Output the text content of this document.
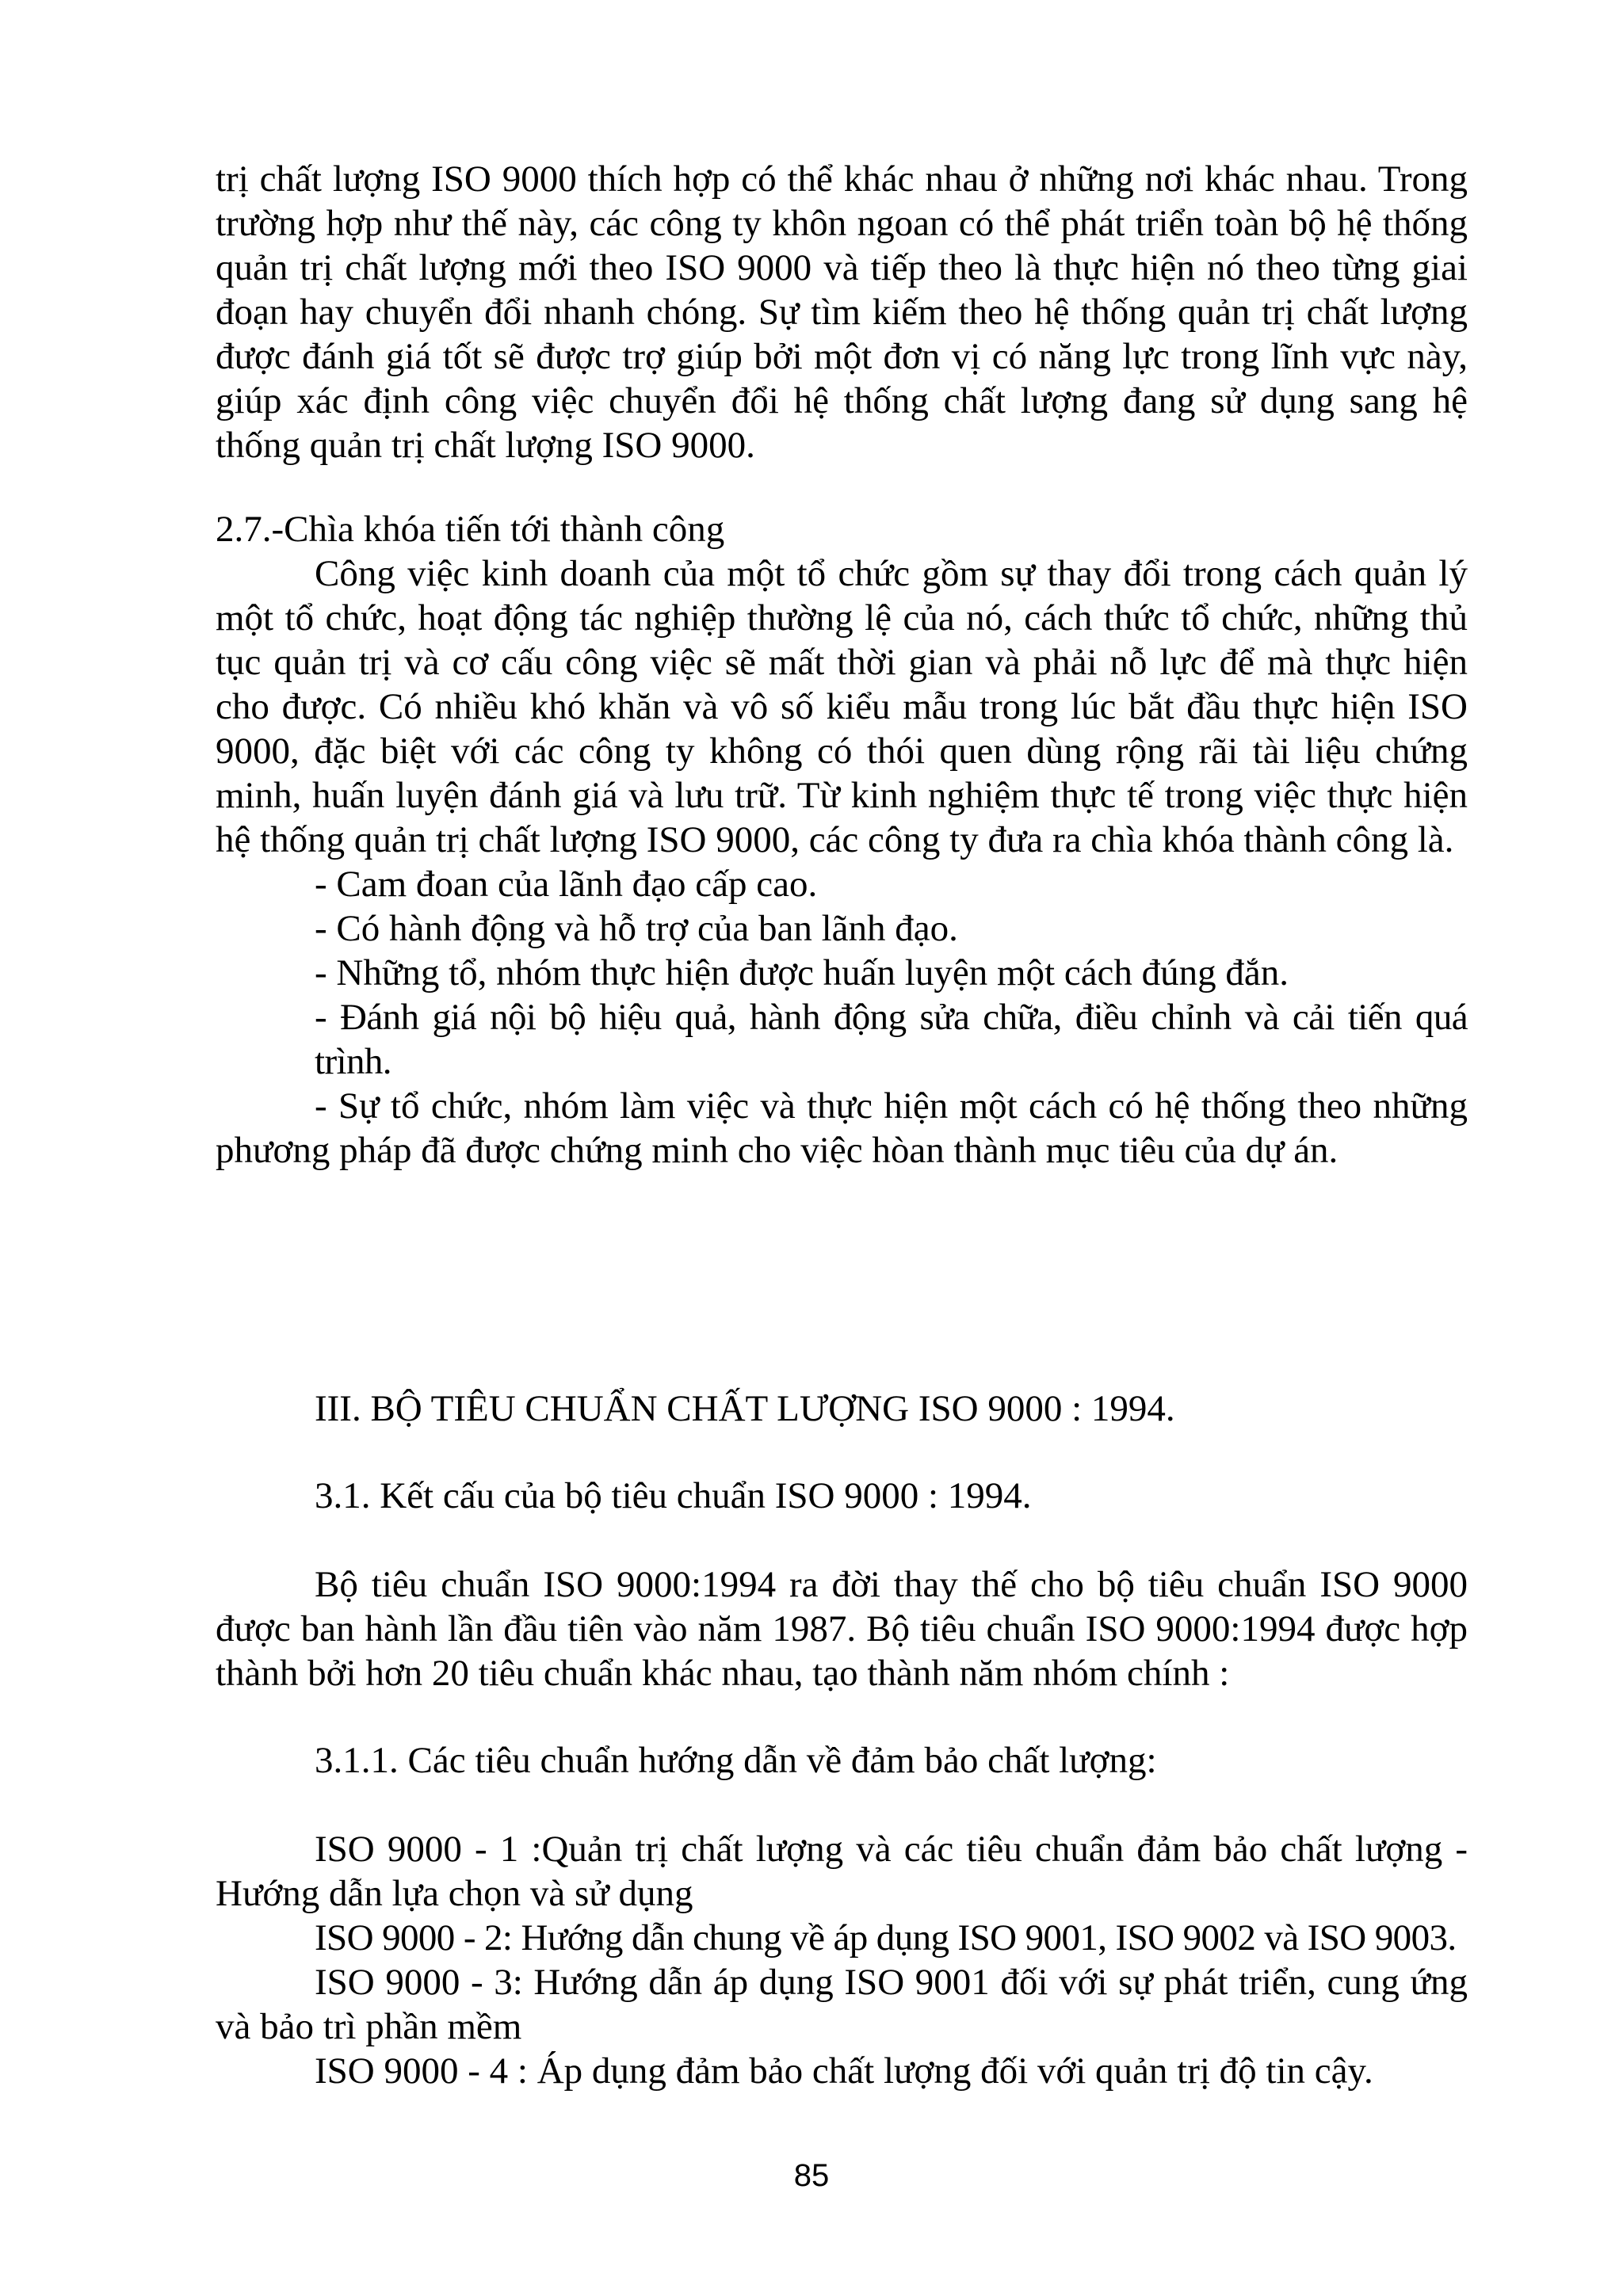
trị chất lượng ISO 9000 thích hợp có thể khác nhau ở những nơi khác nhau. Trong trường hợp như thế này, các công ty khôn ngoan có thể phát triển toàn bộ hệ thống quản trị chất lượng mới theo ISO 9000 và tiếp theo là thực hiện nó theo từng giai đoạn hay chuyển đổi nhanh chóng. Sự tìm kiếm theo hệ thống quản trị chất lượng được đánh giá tốt sẽ được trợ giúp bởi một đơn vị có năng lực trong lĩnh vực này, giúp xác định công việc chuyển đổi hệ thống chất lượng đang sử dụng sang hệ thống quản trị chất lượng ISO 9000.

2.7.-Chìa khóa tiến tới thành công

Công việc kinh doanh của một tổ chức gồm sự thay đổi trong cách quản lý một tổ chức, hoạt động tác nghiệp thường lệ của nó, cách thức tổ chức, những thủ tục quản trị và cơ cấu công việc sẽ mất thời gian và phải nỗ lực để mà thực hiện cho được. Có nhiều khó khăn và vô số kiểu mẫu trong lúc bắt đầu thực hiện ISO 9000, đặc biệt với các công ty không có thói quen dùng rộng rãi tài liệu chứng minh, huấn luyện đánh giá và lưu trữ. Từ kinh nghiệm thực tế trong việc thực hiện hệ thống quản trị chất lượng ISO 9000, các công ty đưa ra chìa khóa thành công là.

- Cam đoan của lãnh đạo cấp cao.

- Có hành động và hỗ trợ của ban lãnh đạo.

- Những tổ, nhóm thực hiện được huấn luyện một cách đúng đắn.

- Đánh giá nội bộ hiệu quả, hành động sửa chữa, điều chỉnh và cải tiến quá trình.

- Sự tổ chức, nhóm làm việc và thực hiện một cách có hệ thống theo những phương pháp đã được chứng minh cho việc hòan thành mục tiêu của dự án.

III. BỘ TIÊU CHUẨN CHẤT LƯỢNG ISO 9000 : 1994.

3.1. Kết cấu của bộ tiêu chuẩn ISO 9000 : 1994.

Bộ tiêu chuẩn ISO 9000:1994 ra đời thay thế cho bộ tiêu chuẩn ISO 9000 được ban hành lần đầu tiên vào năm 1987. Bộ tiêu chuẩn ISO 9000:1994 được hợp thành bởi hơn 20 tiêu chuẩn khác nhau, tạo thành năm nhóm chính :

3.1.1. Các tiêu chuẩn hướng dẫn về đảm bảo chất lượng:

ISO 9000 - 1 :Quản trị chất lượng và các tiêu chuẩn đảm bảo chất lượng - Hướng dẫn lựa chọn và sử dụng

ISO 9000 - 2: Hướng dẫn chung về áp dụng ISO 9001, ISO 9002 và ISO 9003.

ISO 9000 - 3: Hướng dẫn áp dụng ISO 9001 đối với sự phát triển, cung ứng và bảo trì phần mềm

ISO 9000 - 4 : Áp dụng đảm bảo chất lượng đối với quản trị độ tin cậy.

85
